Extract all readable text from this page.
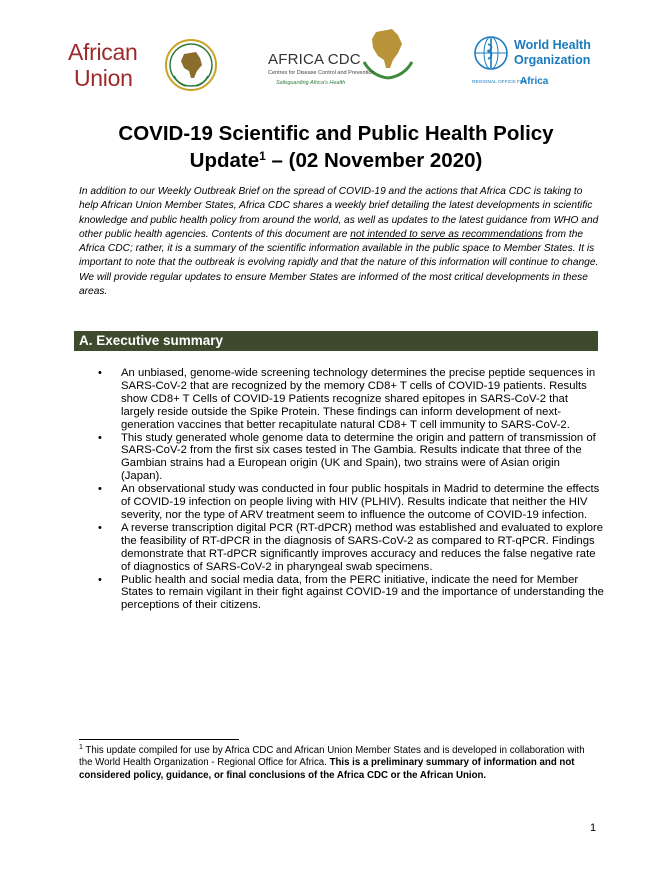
African
Union
AFRICA CDC
Centres for Disease Control and Prevention
Safeguarding Africa's Health
World Health
Organization
REGIONAL OFFICE FOR
Africa
COVID-19 Scientific and Public Health Policy
Update$^1$ – (02 November 2020)

In addition to our Weekly Outbreak Brief on the spread of COVID-19 and the actions that Africa CDC is taking to help African Union Member States, Africa CDC shares a weekly brief detailing the latest developments in scientific knowledge and public health policy from around the world, as well as updates to the latest guidance from WHO and other public health agencies. Contents of this document are not intended to serve as recommendations from the Africa CDC; rather, it is a summary of the scientific information available in the public space to Member States. It is important to note that the outbreak is evolving rapidly and that the nature of this information will continue to change. We will provide regular updates to ensure Member States are informed of the most critical developments in these areas.

A. Executive summary
• An unbiased, genome-wide screening technology determines the precise peptide sequences in SARS-CoV-2 that are recognized by the memory CD8+ T cells of COVID-19 patients. Results show CD8+ T Cells of COVID-19 Patients recognize shared epitopes in SARS-CoV-2 that largely reside outside the Spike Protein. These findings can inform development of next-generation vaccines that better recapitulate natural CD8+ T cell immunity to SARS-CoV-2.
• This study generated whole genome data to determine the origin and pattern of transmission of SARS-CoV-2 from the first six cases tested in The Gambia. Results indicate that three of the Gambian strains had a European origin (UK and Spain), two strains were of Asian origin (Japan).
• An observational study was conducted in four public hospitals in Madrid to determine the effects of COVID-19 infection on people living with HIV (PLHIV). Results indicate that neither the HIV severity, nor the type of ARV treatment seem to influence the outcome of COVID-19 infection.
• A reverse transcription digital PCR (RT-dPCR) method was established and evaluated to explore the feasibility of RT-dPCR in the diagnosis of SARS-CoV-2 as compared to RT-qPCR. Findings demonstrate that RT-dPCR significantly improves accuracy and reduces the false negative rate of diagnostics of SARS-CoV-2 in pharyngeal swab specimens.
• Public health and social media data, from the PERC initiative, indicate the need for Member States to remain vigilant in their fight against COVID-19 and the importance of understanding the perceptions of their citizens.

$^1$ This update compiled for use by Africa CDC and African Union Member States and is developed in collaboration with the World Health Organization - Regional Office for Africa. This is a preliminary summary of information and not considered policy, guidance, or final conclusions of the Africa CDC or the African Union.

1
